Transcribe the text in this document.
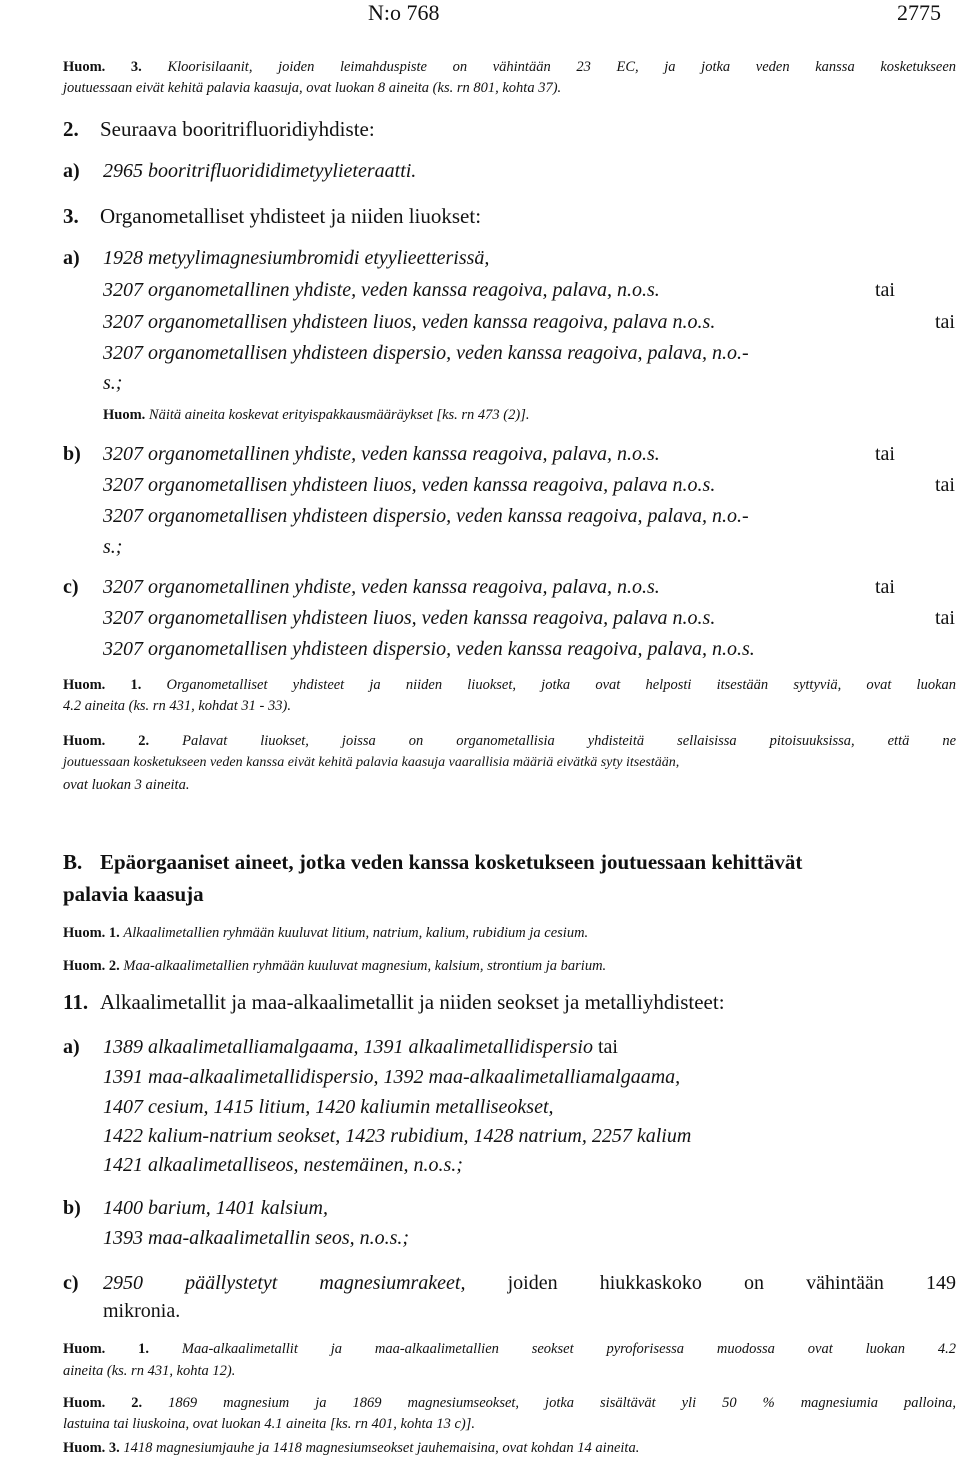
N:o 768	2775
Huom. 3. Kloorisilaanit, joiden leimahduspiste on vähintään 23 EC, ja jotka veden kanssa kosketukseen
joutuessaan eivät kehitä palavia kaasuja, ovat luokan 8 aineita (ks. rn 801, kohta 37).
2. Seuraava booritrifluoridiyhdiste:
a) 2965 booritrifluorididimetyylieteraatti.
3. Organometalliset yhdisteet ja niiden liuokset:
a) 1928 metyylimagnesiumbromidi etyylieetterissä,
3207 organometallinen yhdiste, veden kanssa reagoiva, palava, n.o.s.	tai
3207 organometallisen yhdisteen liuos, veden kanssa reagoiva, palava n.o.s.	tai
3207 organometallisen yhdisteen dispersio, veden kanssa reagoiva, palava, n.o.-
s.;
Huom. Näitä aineita koskevat erityispakkausmääräykset [ks. rn 473 (2)].
b) 3207 organometallinen yhdiste, veden kanssa reagoiva, palava, n.o.s.	tai
3207 organometallisen yhdisteen liuos, veden kanssa reagoiva, palava n.o.s.	tai
3207 organometallisen yhdisteen dispersio, veden kanssa reagoiva, palava, n.o.-
s.;
c) 3207 organometallinen yhdiste, veden kanssa reagoiva, palava, n.o.s.	tai
3207 organometallisen yhdisteen liuos, veden kanssa reagoiva, palava n.o.s.	tai
3207 organometallisen yhdisteen dispersio, veden kanssa reagoiva, palava, n.o.s.
Huom. 1. Organometalliset yhdisteet ja niiden liuokset, jotka ovat helposti itsestään syttyviä, ovat luokan
4.2 aineita (ks. rn 431, kohdat 31 - 33).
Huom. 2. Palavat liuokset, joissa on organometallisia yhdisteitä sellaisissa pitoisuuksissa, että ne
joutuessaan kosketukseen veden kanssa eivät kehitä palavia kaasuja vaarallisia määriä eivätkä syty itsestään,
ovat luokan 3 aineita.
B. Epäorgaaniset aineet, jotka veden kanssa kosketukseen joutuessaan kehittävät
palavia kaasuja
Huom. 1. Alkaalimetallien ryhmään kuuluvat litium, natrium, kalium, rubidium ja cesium.
Huom. 2. Maa-alkaalimetallien ryhmään kuuluvat magnesium, kalsium, strontium ja barium.
11. Alkaalimetallit ja maa-alkaalimetallit ja niiden seokset ja metalliyhdisteet:
a) 1389 alkaalimetalliamalgaama, 1391 alkaalimetallidispersio tai
1391 maa-alkaalimetallidispersio, 1392 maa-alkaalimetalliamalgaama,
1407 cesium, 1415 litium, 1420 kaliumin metalliseokset,
1422 kalium-natrium seokset, 1423 rubidium, 1428 natrium, 2257 kalium
1421 alkaalimetalliseos, nestemäinen, n.o.s.;
b) 1400 barium, 1401 kalsium,
1393 maa-alkaalimetallin seos, n.o.s.;
c) 2950 päällystetyt magnesiumrakeet, joiden hiukkaskoko on vähintään 149
mikronia.
Huom. 1. Maa-alkaalimetallit ja maa-alkaalimetallien seokset pyroforisessa muodossa ovat luokan 4.2
aineita (ks. rn 431, kohta 12).
Huom. 2. 1869 magnesium ja 1869 magnesiumseokset, jotka sisältävät yli 50 % magnesiumia palloina,
lastuina tai liuskoina, ovat luokan 4.1 aineita [ks. rn 401, kohta 13 c)].
Huom. 3. 1418 magnesiumjauhe ja 1418 magnesiumseokset jauhemaisina, ovat kohdan 14 aineita.
